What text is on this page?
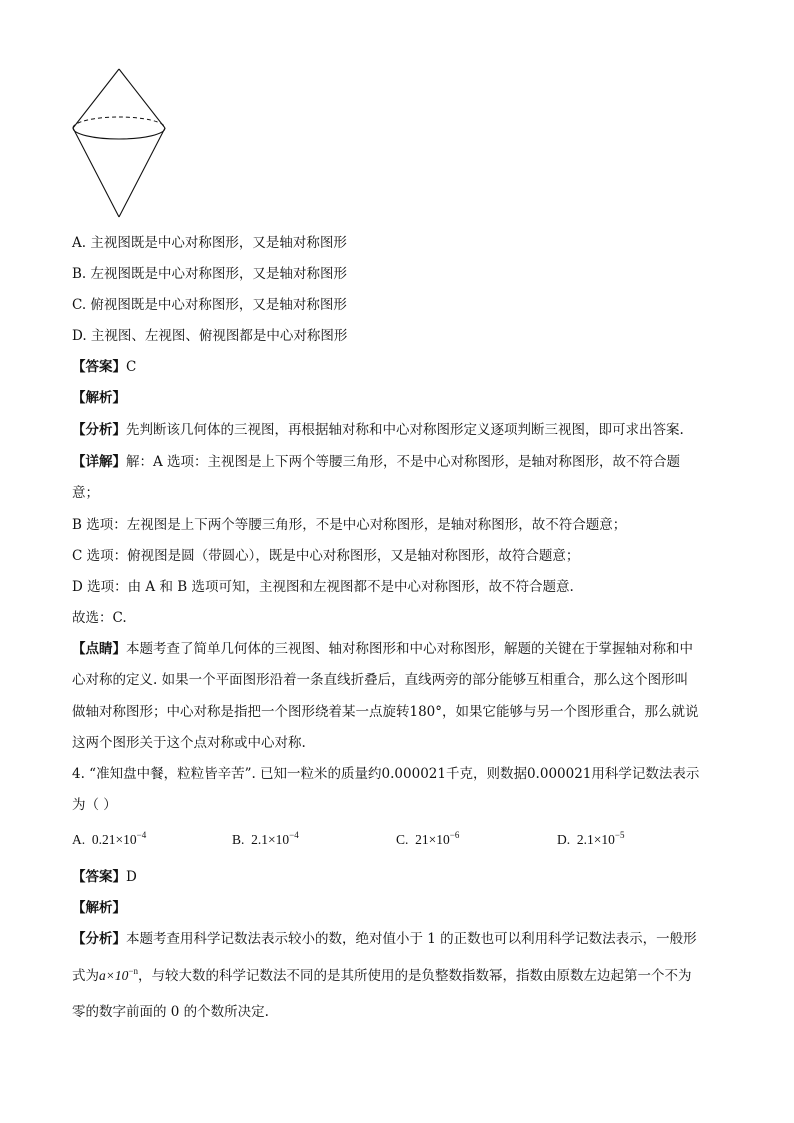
A. 主视图既是中心对称图形，又是轴对称图形
B. 左视图既是中心对称图形，又是轴对称图形
C. 俯视图既是中心对称图形，又是轴对称图形
D. 主视图、左视图、俯视图都是中心对称图形
【答案】C
【解析】
【分析】先判断该几何体的三视图，再根据轴对称和中心对称图形定义逐项判断三视图，即可求出答案.
【详解】解：A 选项：主视图是上下两个等腰三角形，不是中心对称图形，是轴对称图形，故不符合题
意；
B 选项：左视图是上下两个等腰三角形，不是中心对称图形，是轴对称图形，故不符合题意；
C 选项：俯视图是圆（带圆心），既是中心对称图形，又是轴对称图形，故符合题意；
D 选项：由 A 和 B 选项可知，主视图和左视图都不是中心对称图形，故不符合题意.
故选：C.
【点睛】本题考查了简单几何体的三视图、轴对称图形和中心对称图形，解题的关键在于掌握轴对称和中
心对称的定义. 如果一个平面图形沿着一条直线折叠后，直线两旁的部分能够互相重合，那么这个图形叫
做轴对称图形；中心对称是指把一个图形绕着某一点旋转180°，如果它能够与另一个图形重合，那么就说
这两个图形关于这个点对称或中心对称.
4. “准知盘中餐，粒粒皆辛苦”. 已知一粒米的质量约0.000021千克，则数据0.000021用科学记数法表示
为（ ）
A. $0.21\times 10^{-4}$	B. $2.1\times 10^{-4}$	C. $21\times 10^{-6}$	D. $2.1\times 10^{-5}$
【答案】D
【解析】
【分析】本题考查用科学记数法表示较小的数，绝对值小于 1 的正数也可以利用科学记数法表示，一般形
式为$a\times 10^{-n}$，与较大数的科学记数法不同的是其所使用的是负整数指数幂，指数由原数左边起第一个不为
零的数字前面的 0 的个数所决定.
